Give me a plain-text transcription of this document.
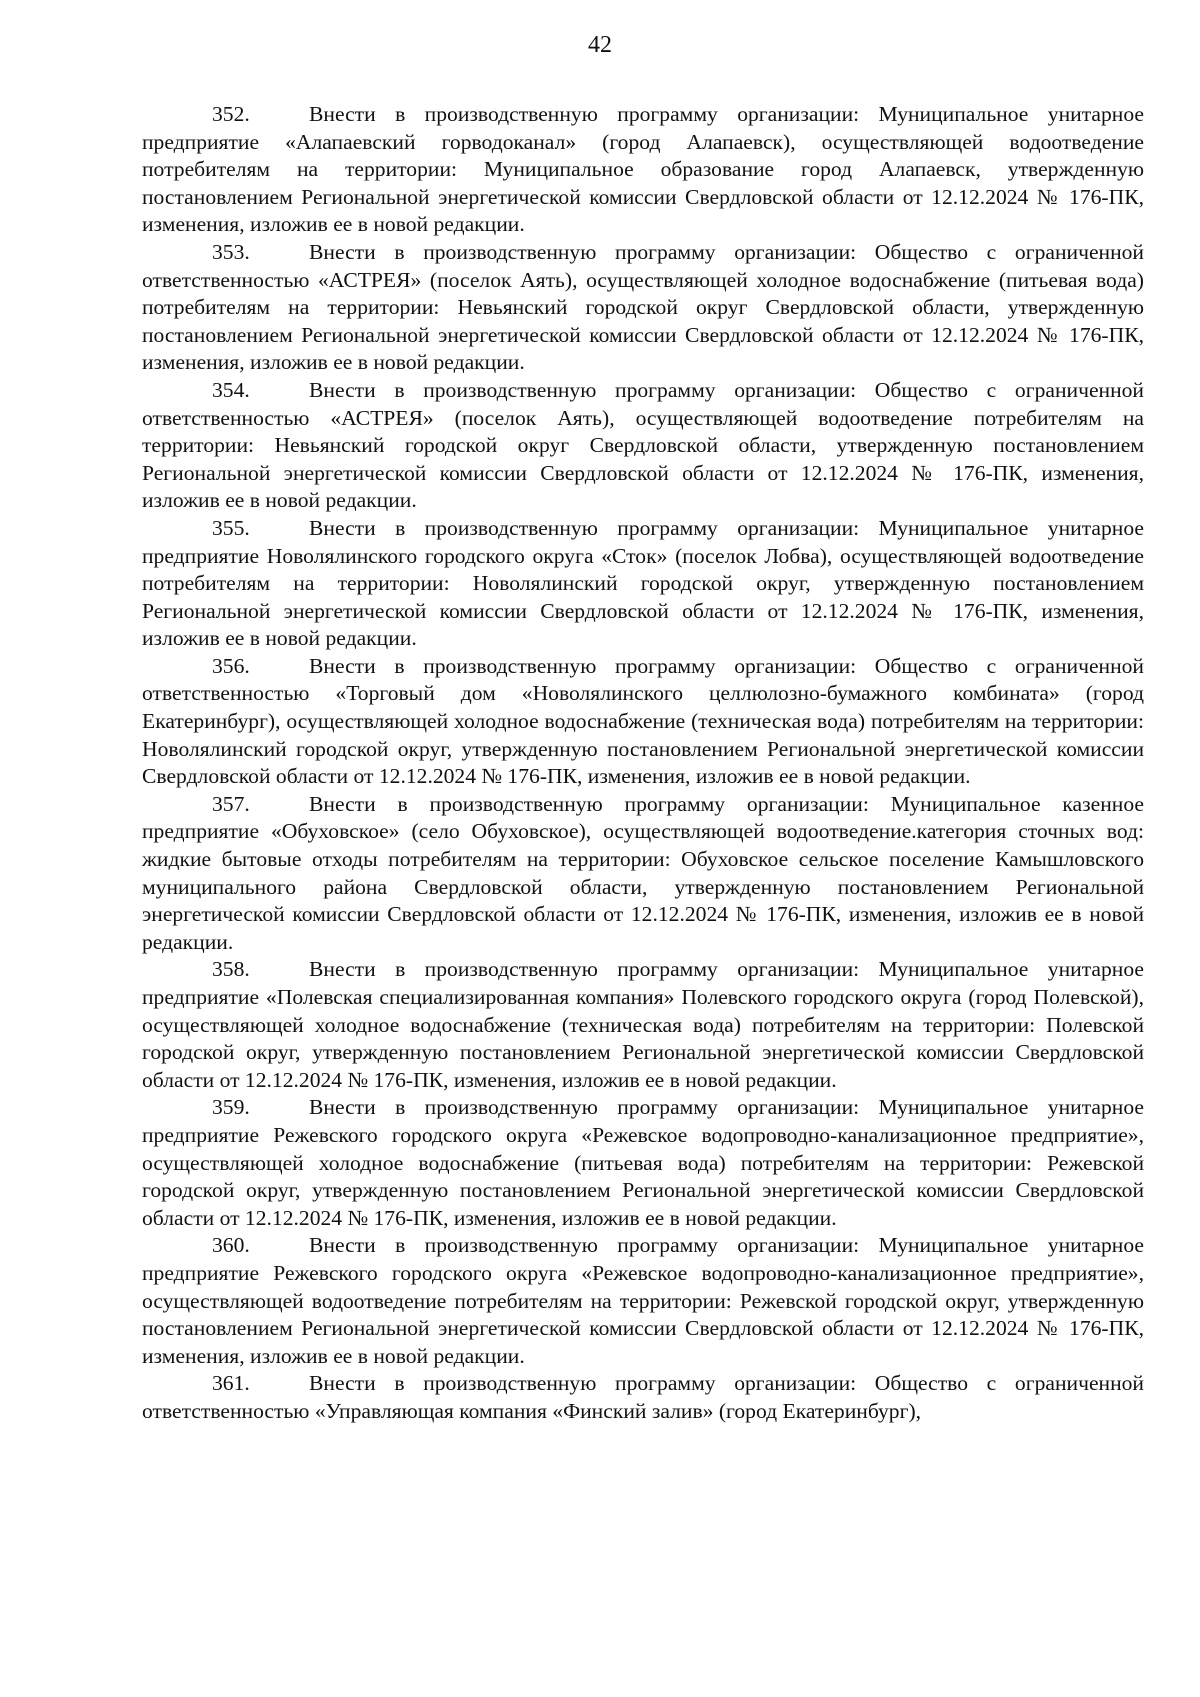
42

352.	Внести в производственную программу организации: Муниципальное унитарное предприятие «Алапаевский горводоканал» (город Алапаевск), осуществляющей водоотведение потребителям на территории: Муниципальное образование город Алапаевск, утвержденную постановлением Региональной энергетической комиссии Свердловской области от 12.12.2024 № 176-ПК, изменения, изложив ее в новой редакции.

353.	Внести в производственную программу организации: Общество с ограниченной ответственностью «АСТРЕЯ» (поселок Аять), осуществляющей холодное водоснабжение (питьевая вода) потребителям на территории: Невьянский городской округ Свердловской области, утвержденную постановлением Региональной энергетической комиссии Свердловской области от 12.12.2024 № 176-ПК, изменения, изложив ее в новой редакции.

354.	Внести в производственную программу организации: Общество с ограниченной ответственностью «АСТРЕЯ» (поселок Аять), осуществляющей водоотведение потребителям на территории: Невьянский городской округ Свердловской области, утвержденную постановлением Региональной энергетической комиссии Свердловской области от 12.12.2024 № 176-ПК, изменения, изложив ее в новой редакции.

355.	Внести в производственную программу организации: Муниципальное унитарное предприятие Новолялинского городского округа «Сток» (поселок Лобва), осуществляющей водоотведение потребителям на территории: Новолялинский городской округ, утвержденную постановлением Региональной энергетической комиссии Свердловской области от 12.12.2024 № 176-ПК, изменения, изложив ее в новой редакции.

356.	Внести в производственную программу организации: Общество с ограниченной ответственностью «Торговый дом «Новолялинского целлюлозно-бумажного комбината» (город Екатеринбург), осуществляющей холодное водоснабжение (техническая вода) потребителям на территории: Новолялинский городской округ, утвержденную постановлением Региональной энергетической комиссии Свердловской области от 12.12.2024 № 176-ПК, изменения, изложив ее в новой редакции.

357.	Внести в производственную программу организации: Муниципальное казенное предприятие «Обуховское» (село Обуховское), осуществляющей водоотведение.категория сточных вод: жидкие бытовые отходы потребителям на территории: Обуховское сельское поселение Камышловского муниципального района Свердловской области, утвержденную постановлением Региональной энергетической комиссии Свердловской области от 12.12.2024 № 176-ПК, изменения, изложив ее в новой редакции.

358.	Внести в производственную программу организации: Муниципальное унитарное предприятие «Полевская специализированная компания» Полевского городского округа (город Полевской), осуществляющей холодное водоснабжение (техническая вода) потребителям на территории: Полевской городской округ, утвержденную постановлением Региональной энергетической комиссии Свердловской области от 12.12.2024 № 176-ПК, изменения, изложив ее в новой редакции.

359.	Внести в производственную программу организации: Муниципальное унитарное предприятие Режевского городского округа «Режевское водопроводно-канализационное предприятие», осуществляющей холодное водоснабжение (питьевая вода) потребителям на территории: Режевской городской округ, утвержденную постановлением Региональной энергетической комиссии Свердловской области от 12.12.2024 № 176-ПК, изменения, изложив ее в новой редакции.

360.	Внести в производственную программу организации: Муниципальное унитарное предприятие Режевского городского округа «Режевское водопроводно-канализационное предприятие», осуществляющей водоотведение потребителям на территории: Режевской городской округ, утвержденную постановлением Региональной энергетической комиссии Свердловской области от 12.12.2024 № 176-ПК, изменения, изложив ее в новой редакции.

361.	Внести в производственную программу организации: Общество с ограниченной ответственностью «Управляющая компания «Финский залив» (город Екатеринбург),
